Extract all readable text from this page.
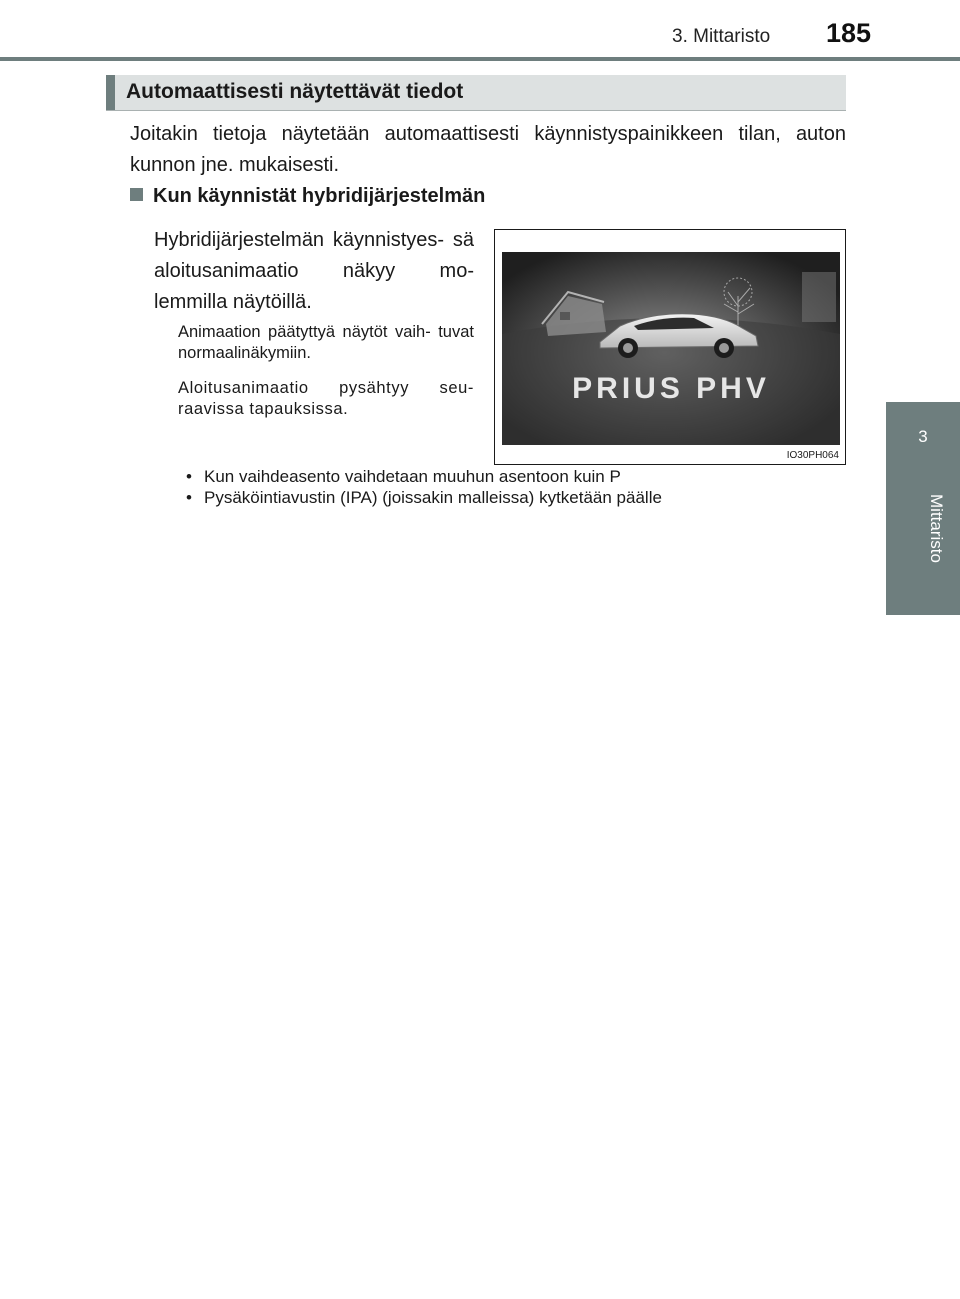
3. Mittaristo 185
3
Mittaristo
Automaattisesti näytettävät tiedot
Joitakin tietoja näytetään automaattisesti käynnistyspainikkeen tilan, auton kunnon jne. mukaisesti.
Kun käynnistät hybridijärjestelmän
Hybridijärjestelmän käynnistyes- sä aloitusanimaatio näkyy mo- lemmilla näytöillä.
Animaation päätyttyä näytöt vaih- tuvat normaalinäkymiin.
Aloitusanimaatio pysähtyy seu- raavissa tapauksissa.
PRIUS PHV
IO30PH064
• Kun vaihdeasento vaihdetaan muuhun asentoon kuin P
• Pysäköintiavustin (IPA) (joissakin malleissa) kytketään päälle
